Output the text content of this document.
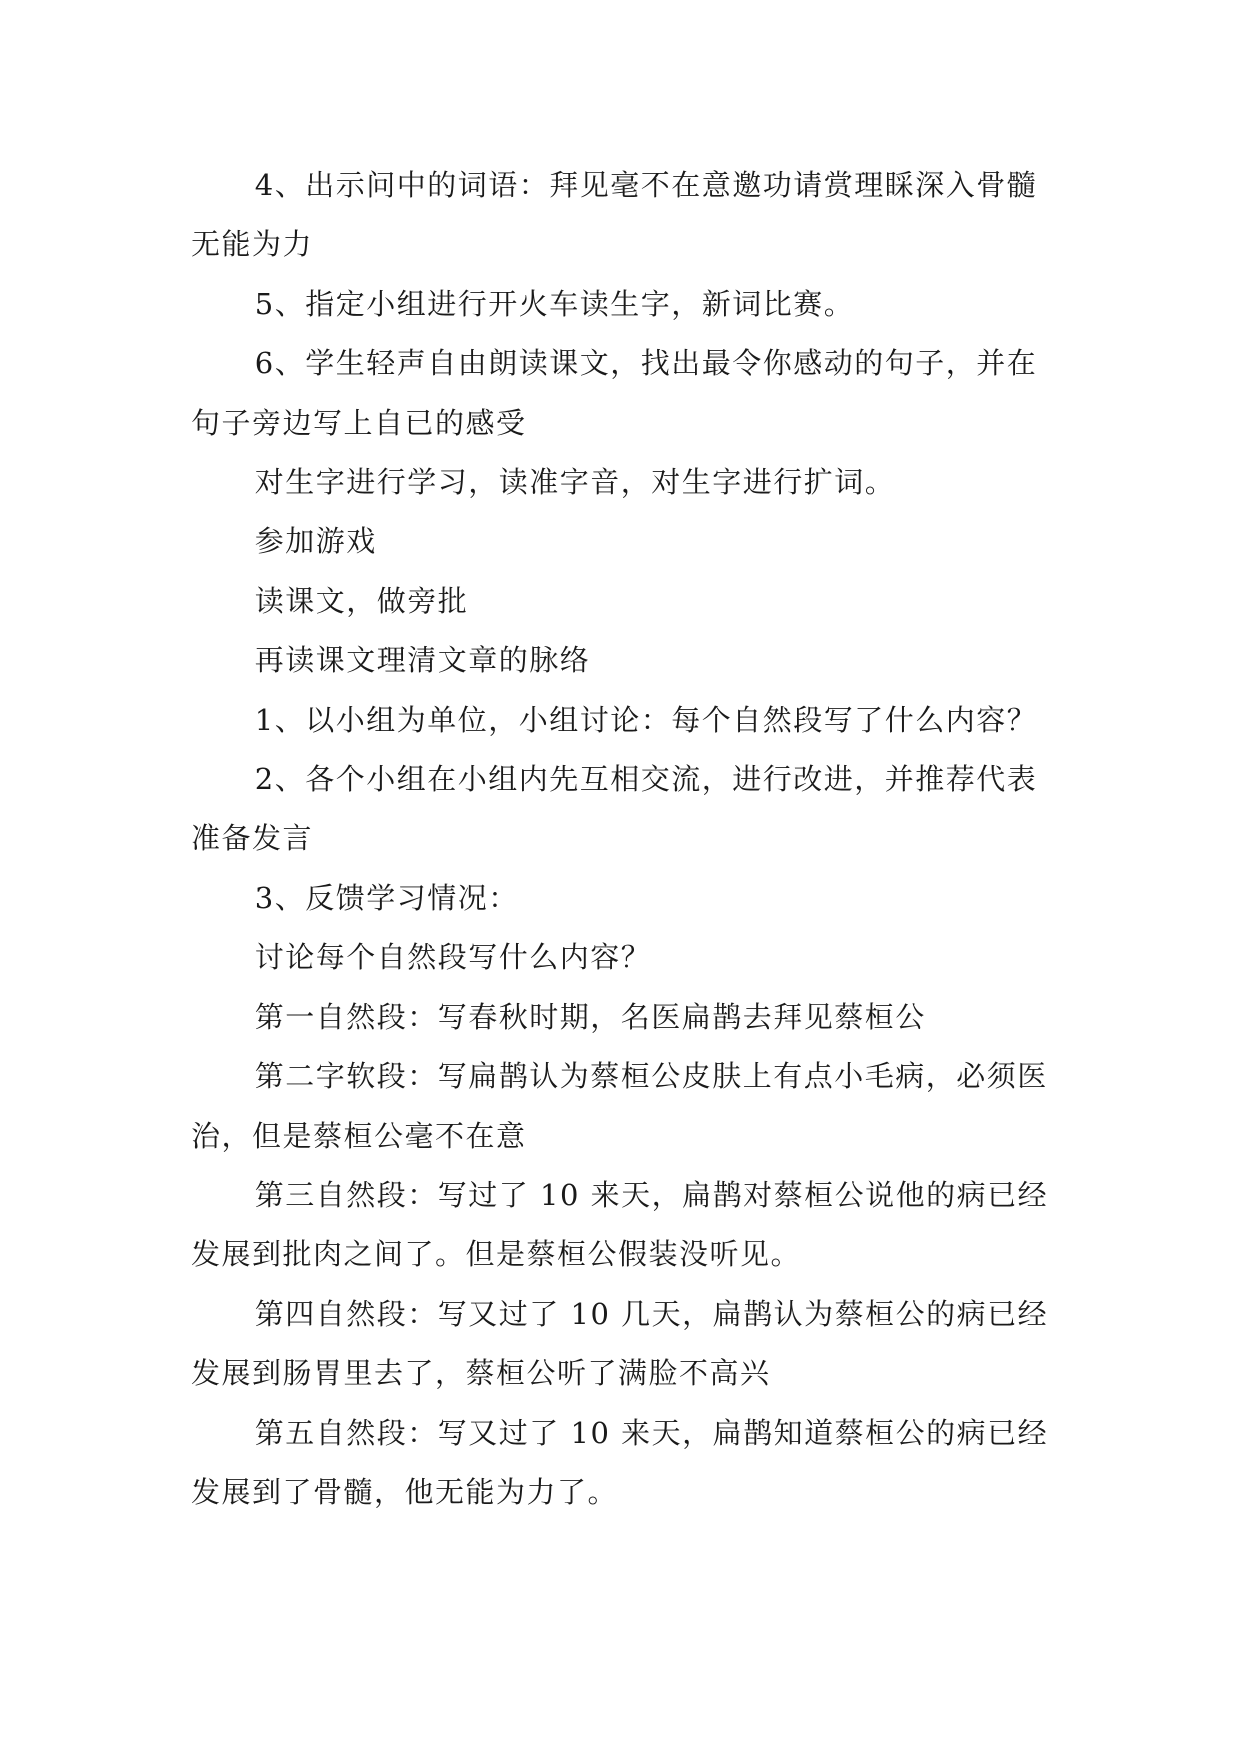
4、出示问中的词语：拜见毫不在意邀功请赏理睬深入骨髓无能为力

5、指定小组进行开火车读生字，新词比赛。

6、学生轻声自由朗读课文，找出最令你感动的句子，并在句子旁边写上自已的感受

对生字进行学习，读准字音，对生字进行扩词。

参加游戏

读课文，做旁批

再读课文理清文章的脉络

1、以小组为单位，小组讨论：每个自然段写了什么内容？

2、各个小组在小组内先互相交流，进行改进，并推荐代表准备发言

3、反馈学习情况：

讨论每个自然段写什么内容？

第一自然段：写春秋时期，名医扁鹊去拜见蔡桓公

第二字软段：写扁鹊认为蔡桓公皮肤上有点小毛病，必须医治，但是蔡桓公毫不在意

第三自然段：写过了 10 来天，扁鹊对蔡桓公说他的病已经发展到批肉之间了。但是蔡桓公假装没听见。

第四自然段：写又过了 10 几天，扁鹊认为蔡桓公的病已经发展到肠胃里去了，蔡桓公听了满脸不高兴

第五自然段：写又过了 10 来天，扁鹊知道蔡桓公的病已经发展到了骨髓，他无能为力了。
